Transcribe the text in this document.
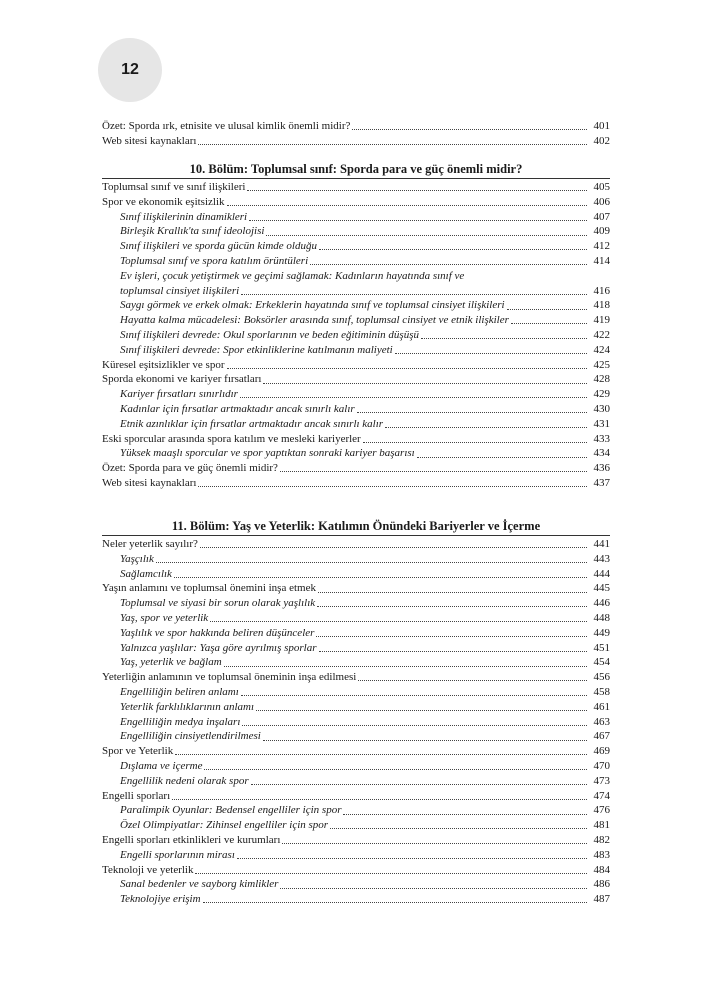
12
Özet: Sporda ırk, etnisite ve ulusal kimlik önemli midir?	401
Web sitesi kaynakları	402
10. Bölüm: Toplumsal sınıf: Sporda para ve güç önemli midir?
Toplumsal sınıf ve sınıf ilişkileri	405
Spor ve ekonomik eşitsizlik	406
Sınıf ilişkilerinin dinamikleri	407
Birleşik Krallık'ta sınıf ideolojisi	409
Sınıf ilişkileri ve sporda gücün kimde olduğu	412
Toplumsal sınıf ve spora katılım örüntüleri	414
Ev işleri, çocuk yetiştirmek ve geçimi sağlamak: Kadınların hayatında sınıf ve
toplumsal cinsiyet ilişkileri	416
Saygı görmek ve erkek olmak: Erkeklerin hayatında sınıf ve toplumsal cinsiyet ilişkileri	418
Hayatta kalma mücadelesi: Boksörler arasında sınıf, toplumsal cinsiyet ve etnik ilişkiler	419
Sınıf ilişkileri devrede: Okul sporlarının ve beden eğitiminin düşüşü	422
Sınıf ilişkileri devrede: Spor etkinliklerine katılmanın maliyeti	424
Küresel eşitsizlikler ve spor	425
Sporda ekonomi ve kariyer fırsatları	428
Kariyer fırsatları sınırlıdır	429
Kadınlar için fırsatlar artmaktadır ancak sınırlı kalır	430
Etnik azınlıklar için fırsatlar artmaktadır ancak sınırlı kalır	431
Eski sporcular arasında spora katılım ve mesleki kariyerler	433
Yüksek maaşlı sporcular ve spor yaptıktan sonraki kariyer başarısı	434
Özet: Sporda para ve güç önemli midir?	436
Web sitesi kaynakları	437
11. Bölüm: Yaş ve Yeterlik: Katılımın Önündeki Bariyerler ve İçerme
Neler yeterlik sayılır?	441
Yaşçılık	443
Sağlamcılık	444
Yaşın anlamını ve toplumsal önemini inşa etmek	445
Toplumsal ve siyasi bir sorun olarak yaşlılık	446
Yaş, spor ve yeterlik	448
Yaşlılık ve spor hakkında beliren düşünceler	449
Yalnızca yaşlılar: Yaşa göre ayrılmış sporlar	451
Yaş, yeterlik ve bağlam	454
Yeterliğin anlamının ve toplumsal öneminin inşa edilmesi	456
Engelliliğin beliren anlamı	458
Yeterlik farklılıklarının anlamı	461
Engelliliğin medya inşaları	463
Engelliliğin cinsiyetlendirilmesi	467
Spor ve Yeterlik	469
Dışlama ve içerme	470
Engellilik nedeni olarak spor	473
Engelli sporları	474
Paralimpik Oyunlar: Bedensel engelliler için spor	476
Özel Olimpiyatlar: Zihinsel engelliler için spor	481
Engelli sporları etkinlikleri ve kurumları	482
Engelli sporlarının mirası	483
Teknoloji ve yeterlik	484
Sanal bedenler ve sayborg kimlikler	486
Teknolojiye erişim	487
